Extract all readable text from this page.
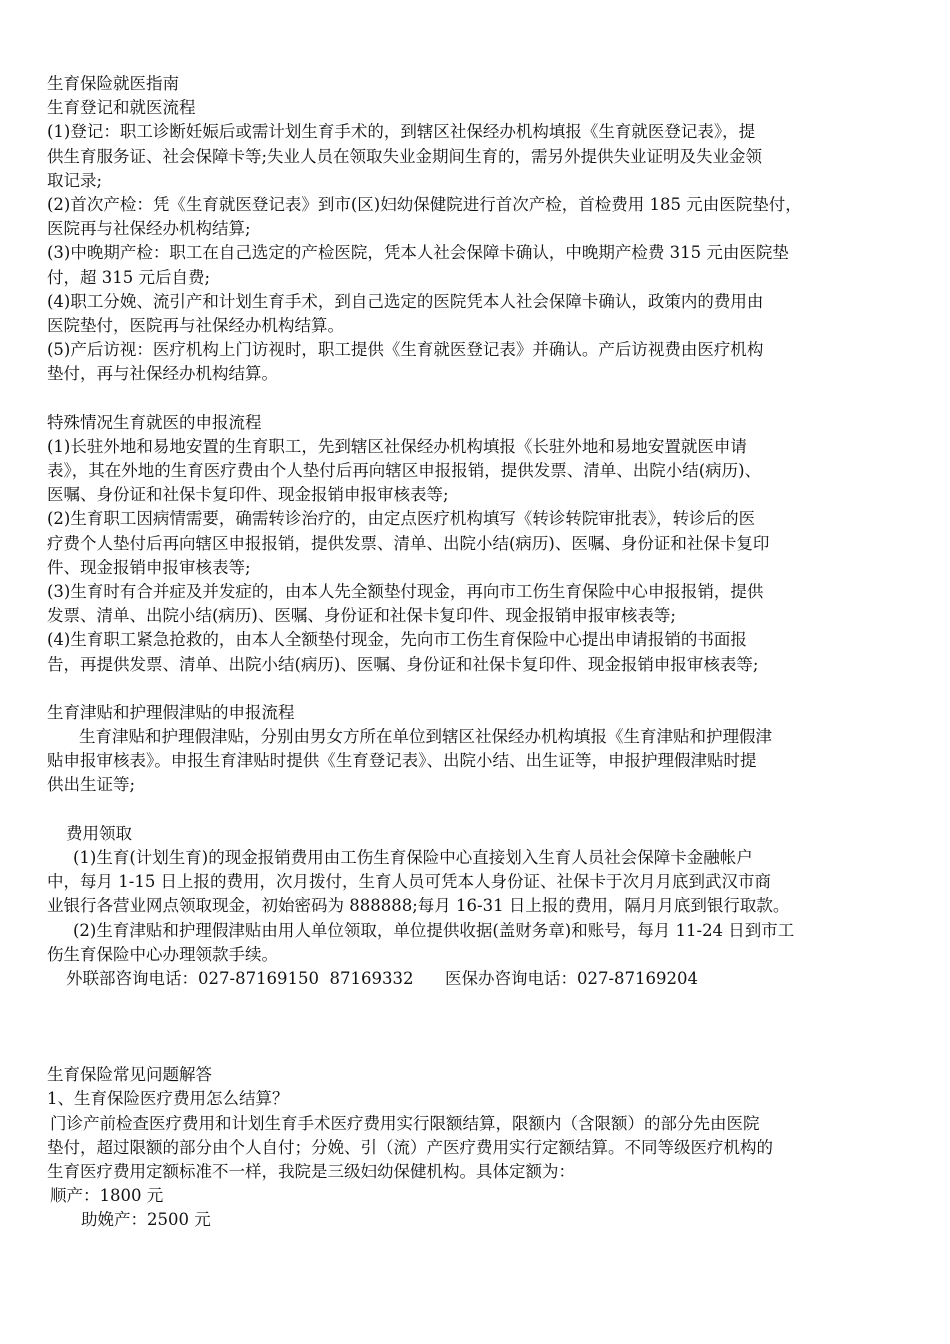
生育保险就医指南
生育登记和就医流程
(1)登记：职工诊断妊娠后或需计划生育手术的，到辖区社保经办机构填报《生育就医登记表》，提
供生育服务证、社会保障卡等;失业人员在领取失业金期间生育的，需另外提供失业证明及失业金领
取记录;
(2)首次产检：凭《生育就医登记表》到市(区)妇幼保健院进行首次产检，首检费用 185 元由医院垫付，
医院再与社保经办机构结算;
(3)中晚期产检：职工在自己选定的产检医院，凭本人社会保障卡确认，中晚期产检费 315 元由医院垫
付，超 315 元后自费;
(4)职工分娩、流引产和计划生育手术，到自己选定的医院凭本人社会保障卡确认，政策内的费用由
医院垫付，医院再与社保经办机构结算。
(5)产后访视：医疗机构上门访视时，职工提供《生育就医登记表》并确认。产后访视费由医疗机构
垫付，再与社保经办机构结算。
特殊情况生育就医的申报流程
(1)长驻外地和易地安置的生育职工，先到辖区社保经办机构填报《长驻外地和易地安置就医申请
表》，其在外地的生育医疗费由个人垫付后再向辖区申报报销，提供发票、清单、出院小结(病历)、
医嘱、身份证和社保卡复印件、现金报销申报审核表等;
(2)生育职工因病情需要，确需转诊治疗的，由定点医疗机构填写《转诊转院审批表》，转诊后的医
疗费个人垫付后再向辖区申报报销，提供发票、清单、出院小结(病历)、医嘱、身份证和社保卡复印
件、现金报销申报审核表等;
(3)生育时有合并症及并发症的，由本人先全额垫付现金，再向市工伤生育保险中心申报报销，提供
发票、清单、出院小结(病历)、医嘱、身份证和社保卡复印件、现金报销申报审核表等;
(4)生育职工紧急抢救的，由本人全额垫付现金，先向市工伤生育保险中心提出申请报销的书面报
告，再提供发票、清单、出院小结(病历)、医嘱、身份证和社保卡复印件、现金报销申报审核表等;
生育津贴和护理假津贴的申报流程
生育津贴和护理假津贴，分别由男女方所在单位到辖区社保经办机构填报《生育津贴和护理假津
贴申报审核表》。申报生育津贴时提供《生育登记表》、出院小结、出生证等，申报护理假津贴时提
供出生证等;
费用领取
(1)生育(计划生育)的现金报销费用由工伤生育保险中心直接划入生育人员社会保障卡金融帐户
中，每月 1-15 日上报的费用，次月拨付，生育人员可凭本人身份证、社保卡于次月月底到武汉市商
业银行各营业网点领取现金，初始密码为 888888;每月 16-31 日上报的费用，隔月月底到银行取款。
(2)生育津贴和护理假津贴由用人单位领取，单位提供收据(盖财务章)和账号，每月 11-24 日到市工
伤生育保险中心办理领款手续。
外联部咨询电话：027-87169150  87169332      医保办咨询电话：027-87169204
生育保险常见问题解答
1、生育保险医疗费用怎么结算？
门诊产前检查医疗费用和计划生育手术医疗费用实行限额结算，限额内（含限额）的部分先由医院
垫付，超过限额的部分由个人自付；分娩、引（流）产医疗费用实行定额结算。不同等级医疗机构的
生育医疗费用定额标准不一样，我院是三级妇幼保健机构。具体定额为：
顺产：1800 元
助娩产：2500 元
